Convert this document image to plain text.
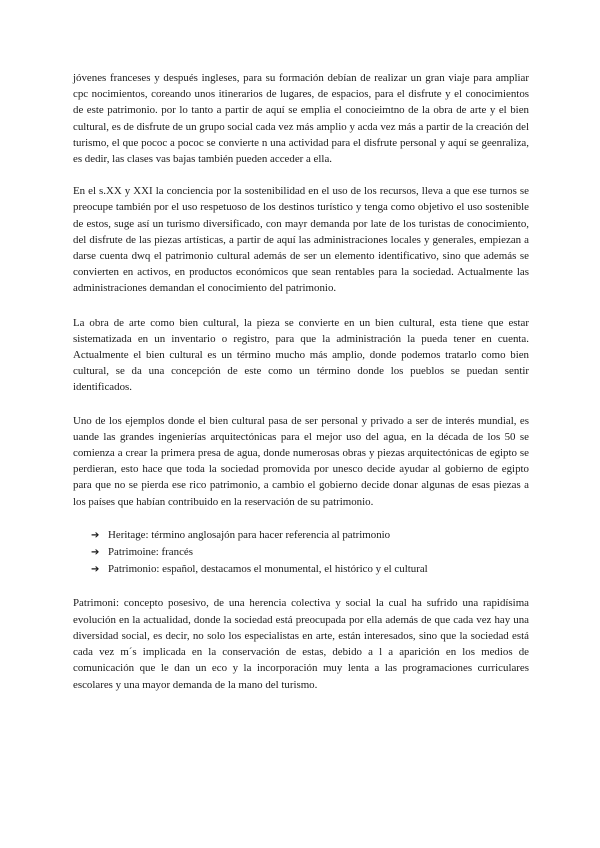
jóvenes franceses y después ingleses, para su formación debían de realizar un gran viaje para ampliar cpc nocimientos, coreando unos itinerarios de lugares, de espacios, para el disfrute y el conocimientos de este patrimonio. por lo tanto a partir de aquí se emplia el conocieimtno de la obra de arte y el bien cultural, es de disfrute de un grupo social cada vez más amplio y acda vez más a partir de la creación del turismo, el que pococ a pococ se convierte n una actividad para el disfrute personal y aquí se geenraliza, es dedir, las clases vas bajas también pueden acceder a ella.

En el s.XX y XXI la conciencia por la sostenibilidad en el uso de los recursos, lleva a que ese turnos se preocupe también por el uso respetuoso de los destinos turístico y tenga como objetivo el uso sostenible de estos, suge así un turismo diversificado, con mayr demanda por late de los turistas de conocimiento, del disfrute de las piezas artísticas, a partir de aquí las administraciones locales y generales, empiezan a darse cuenta dwq el patrimonio cultural además de ser un elemento identificativo, sino que además se convierten en activos, en productos económicos que sean rentables para la sociedad. Actualmente las administraciones demandan el conocimiento del patrimonio.

La obra de arte como bien cultural, la pieza se convierte en un bien cultural, esta tiene que estar sistematizada en un inventario o registro, para que la administración la pueda tener en cuenta. Actualmente el bien cultural es un término mucho más amplio, donde podemos tratarlo como bien cultural, se da una concepción de este como un término donde los pueblos se puedan sentir identificados.

Uno de los ejemplos donde el bien cultural pasa de ser personal y privado a ser de interés mundial, es uande las grandes ingenierías arquitectónicas para el mejor uso del agua, en la década de los 50 se comienza a crear la primera presa de agua, donde numerosas obras y piezas arquitectónicas de egipto se perdieran, esto hace que toda la sociedad promovida por unesco decide ayudar al gobierno de egipto para que no se pierda ese rico patrimonio, a cambio el gobierno decide donar algunas de esas piezas a los países que habían contribuido en la reservación de su patrimonio.

➔ Heritage: término anglosajón para hacer referencia al patrimonio
➔ Patrimoine: francés
➔ Patrimonio: español, destacamos el monumental, el histórico y el cultural

Patrimoni: concepto posesivo, de una herencia colectiva y social la cual ha sufrido una rapidísima evolución en la actualidad, donde la sociedad está preocupada por ella además de que cada vez hay una diversidad social, es decir, no solo los especialistas en arte, están interesados, sino que la sociedad está cada vez m´s implicada en la conservación de estas, debido a l a aparición en los medios de comunicación que le dan un eco y la incorporación muy lenta a las programaciones curriculares escolares y una mayor demanda de la mano del turismo.
